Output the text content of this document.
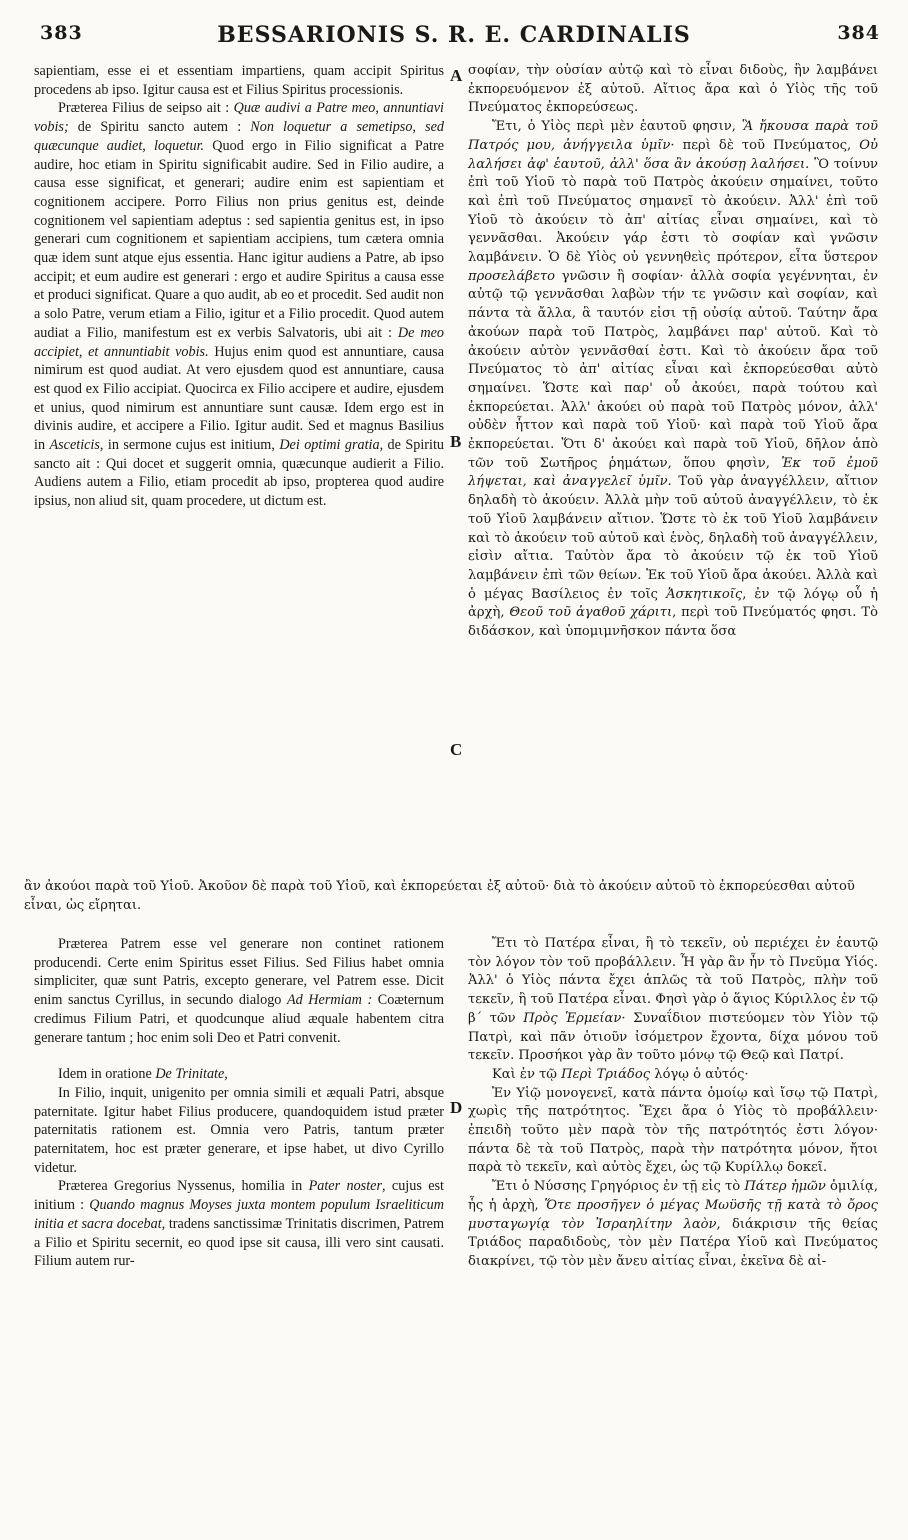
383	BESSARIONIS S. R. E. CARDINALIS	384

sapientiam, esse ei et essentiam impartiens, quam accipit Spiritus procedens ab ipso. Igitur causa est et Filius Spiritus processionis.

Præterea Filius de seipso ait : Quæ audivi a Patre meo, annuntiavi vobis; de Spiritu sancto autem : Non loquetur a semetipso, sed quæcunque audiet, loquetur. Quod ergo in Filio significat a Patre audire, hoc etiam in Spiritu significabit audire. Sed in Filio audire, a causa esse significat, et generari; audire enim est sapientiam et cognitionem accipere. Porro Filius non prius genitus est, deinde cognitionem vel sapientiam adeptus : sed sapientia genitus est, in ipso generari cum cognitionem et sapientiam accipiens, tum cætera omnia quæ idem sunt atque ejus essentia. Hanc igitur audiens a Patre, ab ipso accipit; et eum audire est generari : ergo et audire Spiritus a causa esse et produci significat. Quare a quo audit, ab eo et procedit. Sed audit non a solo Patre, verum etiam a Filio, igitur et a Filio procedit. Quod autem audiat a Filio, manifestum est ex verbis Salvatoris, ubi ait : De meo accipiet, et annuntiabit vobis. Hujus enim quod est annuntiare, causa nimirum est quod audiat. At vero ejusdem quod est annuntiare, causa est quod ex Filio accipiat. Quocirca ex Filio accipere et audire, ejusdem et unius, quod nimirum est annuntiare sunt causæ. Idem ergo est in divinis audire, et accipere a Filio. Igitur audit. Sed et magnus Basilius in Asceticis, in sermone cujus est initium, Dei optimi gratia, de Spiritu sancto ait : Qui docet et suggerit omnia, quæcunque audierit a Filio. Audiens autem a Filio, etiam procedit ab ipso, propterea quod audire ipsius, non aliud sit, quam procedere, ut dictum est.

σοφίαν, τὴν οὐσίαν αὐτῷ καὶ τὸ εἶναι διδοὺς, ἣν λαμβάνει ἐκπορευόμενον ἐξ αὐτοῦ. Αἴτιος ἄρα καὶ ὁ Υἱὸς τῆς τοῦ Πνεύματος ἐκπορεύσεως.

Ἔτι, ὁ Υἱὸς περὶ μὲν ἑαυτοῦ φησιν, Ἃ ἤκουσα παρὰ τοῦ Πατρός μου, ἀνήγγειλα ὑμῖν· περὶ δὲ τοῦ Πνεύματος, Οὐ λαλήσει ἀφ' ἑαυτοῦ, ἀλλ' ὅσα ἂν ἀκούσῃ λαλήσει. Ὃ τοίνυν ἐπὶ τοῦ Υἱοῦ τὸ παρὰ τοῦ Πατρὸς ἀκούειν σημαίνει, τοῦτο καὶ ἐπὶ τοῦ Πνεύματος σημανεῖ τὸ ἀκούειν. Ἀλλ' ἐπὶ τοῦ Υἱοῦ τὸ ἀκούειν τὸ ἀπ' αἰτίας εἶναι σημαίνει, καὶ τὸ γεννᾶσθαι. Ἀκούειν γάρ ἐστι τὸ σοφίαν καὶ γνῶσιν λαμβάνειν. Ὁ δὲ Υἱὸς οὐ γεννηθεὶς πρότερον, εἶτα ὕστερον προσελάβετο γνῶσιν ἢ σοφίαν· ἀλλὰ σοφία γεγέννηται, ἐν αὐτῷ τῷ γεννᾶσθαι λαβὼν τήν τε γνῶσιν καὶ σοφίαν, καὶ πάντα τὰ ἄλλα, ἃ ταυτόν εἰσι τῇ οὐσίᾳ αὐτοῦ. Ταύτην ἄρα ἀκούων παρὰ τοῦ Πατρὸς, λαμβάνει παρ' αὐτοῦ. Καὶ τὸ ἀκούειν αὐτὸν γεννᾶσθαί ἐστι. Καὶ τὸ ἀκούειν ἄρα τοῦ Πνεύματος τὸ ἀπ' αἰτίας εἶναι καὶ ἐκπορεύεσθαι αὐτὸ σημαίνει. Ὥστε καὶ παρ' οὗ ἀκούει, παρὰ τούτου καὶ ἐκπορεύεται. Ἀλλ' ἀκούει οὐ παρὰ τοῦ Πατρὸς μόνον, ἀλλ' οὐδὲν ἧττον καὶ παρὰ τοῦ Υἱοῦ· καὶ παρὰ τοῦ Υἱοῦ ἄρα ἐκπορεύεται. Ὅτι δ' ἀκούει καὶ παρὰ τοῦ Υἱοῦ, δῆλον ἀπὸ τῶν τοῦ Σωτῆρος ῥημάτων, ὅπου φησὶν, Ἐκ τοῦ ἐμοῦ λήψεται, καὶ ἀναγγελεῖ ὑμῖν. Τοῦ γὰρ ἀναγγέλλειν, αἴτιον δηλαδὴ τὸ ἀκούειν. Ἀλλὰ μὴν τοῦ αὐτοῦ ἀναγγέλλειν, τὸ ἐκ τοῦ Υἱοῦ λαμβάνειν αἴτιον. Ὥστε τὸ ἐκ τοῦ Υἱοῦ λαμβάνειν καὶ τὸ ἀκούειν τοῦ αὐτοῦ καὶ ἑνὸς, δηλαδὴ τοῦ ἀναγγέλλειν, εἰσὶν αἴτια. Ταὐτὸν ἄρα τὸ ἀκούειν τῷ ἐκ τοῦ Υἱοῦ λαμβάνειν ἐπὶ τῶν θείων. Ἐκ τοῦ Υἱοῦ ἄρα ἀκούει. Ἀλλὰ καὶ ὁ μέγας Βασίλειος ἐν τοῖς Ἀσκητικοῖς, ἐν τῷ λόγῳ οὗ ἡ ἀρχὴ, Θεοῦ τοῦ ἀγαθοῦ χάριτι, περὶ τοῦ Πνεύματός φησι. Τὸ διδάσκον, καὶ ὑπομιμνῆσκον πάντα ὅσα

ἂν ἀκούοι παρὰ τοῦ Υἱοῦ. Ἀκοῦον δὲ παρὰ τοῦ Υἱοῦ, καὶ ἐκπορεύεται ἐξ αὐτοῦ· διὰ τὸ ἀκούειν αὐτοῦ τὸ ἐκπορεύεσθαι αὐτοῦ εἶναι, ὡς εἴρηται.

Præterea Patrem esse vel generare non continet rationem producendi. Certe enim Spiritus esset Filius. Sed Filius habet omnia simpliciter, quæ sunt Patris, excepto generare, vel Patrem esse. Dicit enim sanctus Cyrillus, in secundo dialogo Ad Hermiam : Coæternum credimus Filium Patri, et quodcunque aliud æquale habentem citra generare tantum ; hoc enim soli Deo et Patri convenit.

Idem in oratione De Trinitate,

In Filio, inquit, unigenito per omnia simili et æquali Patri, absque paternitate. Igitur habet Filius producere, quandoquidem istud præter paternitatis rationem est. Omnia vero Patris, tantum præter paternitatem, hoc est præter generare, et ipse habet, ut divo Cyrillo videtur.

Præterea Gregorius Nyssenus, homilia in Pater noster, cujus est initium : Quando magnus Moyses juxta montem populum Israeliticum initia et sacra docebat, tradens sanctissimæ Trinitatis discrimen, Patrem a Filio et Spiritu secernit, eo quod ipse sit causa, illi vero sint causati. Filium autem rur-

Ἔτι τὸ Πατέρα εἶναι, ἢ τὸ τεκεῖν, οὐ περιέχει ἐν ἑαυτῷ τὸν λόγον τὸν τοῦ προβάλλειν. Ἦ γὰρ ἂν ἦν τὸ Πνεῦμα Υἱός. Ἀλλ' ὁ Υἱὸς πάντα ἔχει ἁπλῶς τὰ τοῦ Πατρὸς, πλὴν τοῦ τεκεῖν, ἢ τοῦ Πατέρα εἶναι. Φησὶ γὰρ ὁ ἅγιος Κύριλλος ἐν τῷ β΄ τῶν Πρὸς Ἑρμείαν· Συναΐδιον πιστεύομεν τὸν Υἱὸν τῷ Πατρὶ, καὶ πᾶν ὁτιοῦν ἰσόμετρον ἔχοντα, δίχα μόνου τοῦ τεκεῖν. Προσήκοι γὰρ ἂν τοῦτο μόνῳ τῷ Θεῷ καὶ Πατρί.

Καὶ ἐν τῷ Περὶ Τριάδος λόγῳ ὁ αὐτός·

Ἐν Υἱῷ μονογενεῖ, κατὰ πάντα ὁμοίῳ καὶ ἴσῳ τῷ Πατρὶ, χωρὶς τῆς πατρότητος. Ἔχει ἄρα ὁ Υἱὸς τὸ προβάλλειν· ἐπειδὴ τοῦτο μὲν παρὰ τὸν τῆς πατρότητός ἐστι λόγον· πάντα δὲ τὰ τοῦ Πατρὸς, παρὰ τὴν πατρότητα μόνον, ἤτοι παρὰ τὸ τεκεῖν, καὶ αὐτὸς ἔχει, ὡς τῷ Κυρίλλῳ δοκεῖ.

Ἔτι ὁ Νύσσης Γρηγόριος ἐν τῇ εἰς τὸ Πάτερ ἡμῶν ὁμιλίᾳ, ἧς ἡ ἀρχὴ, Ὅτε προσῆγεν ὁ μέγας Μωϋσῆς τῇ κατὰ τὸ ὄρος μυσταγωγίᾳ τὸν Ἰσραηλίτην λαὸν, διάκρισιν τῆς θείας Τριάδος παραδιδοὺς, τὸν μὲν Πατέρα Υἱοῦ καὶ Πνεύματος διακρίνει, τῷ τὸν μὲν ἄνευ αἰτίας εἶναι, ἐκεῖνα δὲ αἰ-

A
B
C
D
